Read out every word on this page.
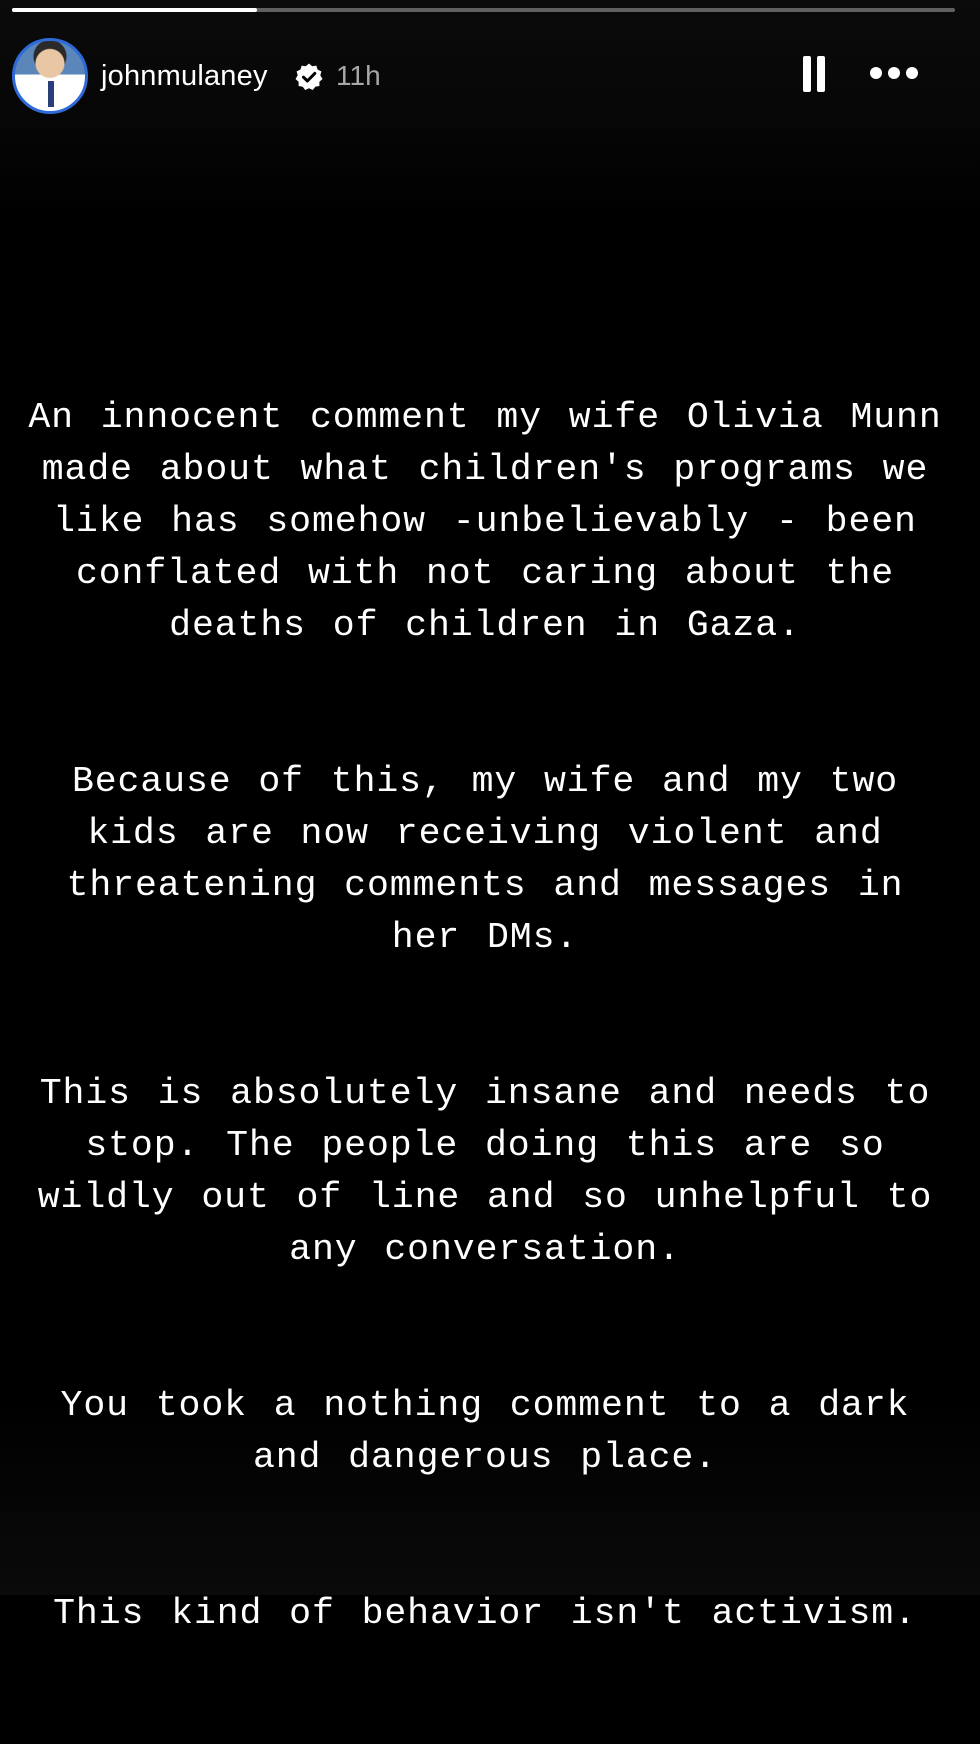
johnmulaney 11h

An innocent comment my wife Olivia Munn
made about what children's programs we
like has somehow -unbelievably - been
conflated with not caring about the
deaths of children in Gaza.

Because of this, my wife and my two
kids are now receiving violent and
threatening comments and messages in
her DMs.

This is absolutely insane and needs to
stop. The people doing this are so
wildly out of line and so unhelpful to
any conversation.

You took a nothing comment to a dark
and dangerous place.

This kind of behavior isn't activism.
